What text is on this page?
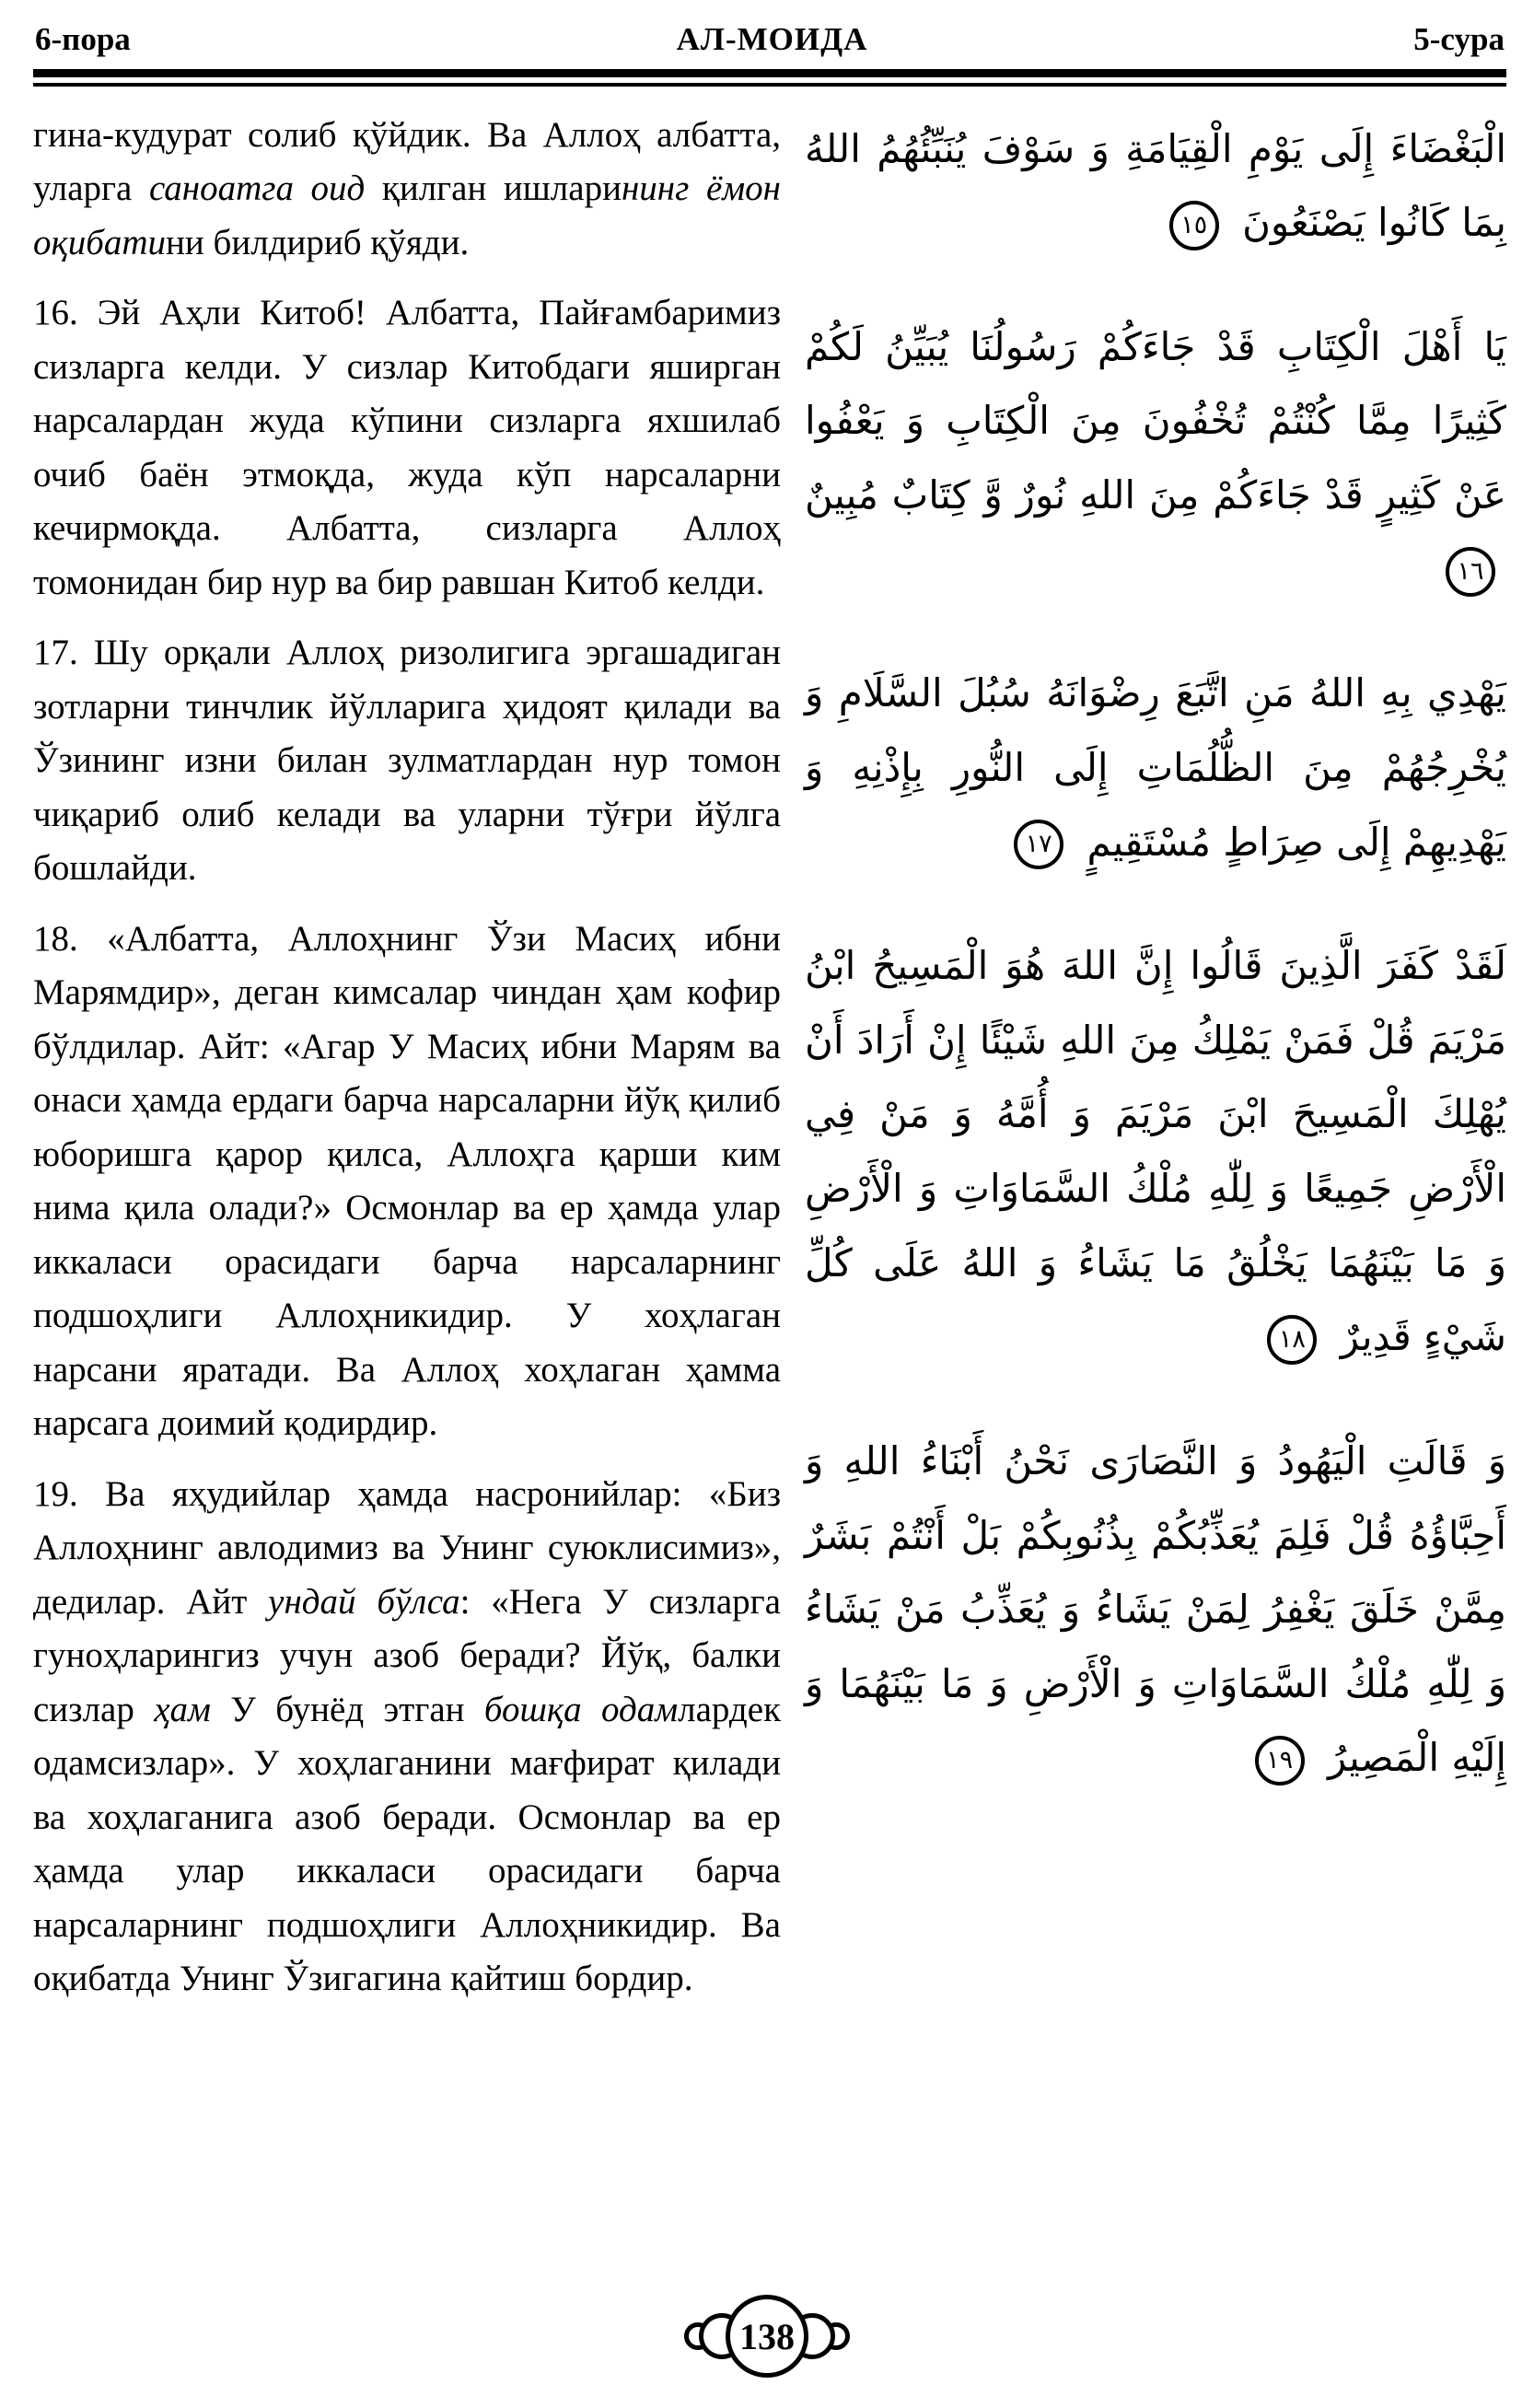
6-пора	АЛ-МОИДА	5-сура

гина-кудурат солиб қўйдик. Ва Аллоҳ албатта, уларга саноатга оид қилган ишларининг ёмон оқибатини билдириб қўяди.

16. Эй Аҳли Китоб! Албатта, Пайғамбаримиз сизларга келди. У сизлар Китобдаги яширган нарсалардан жуда кўпини сизларга яхшилаб очиб баён этмоқда, жуда кўп нарсаларни кечирмоқда. Албатта, сизларга Аллоҳ томонидан бир нур ва бир равшан Китоб келди.

17. Шу орқали Аллоҳ ризолигига эргашадиган зотларни тинчлик йўлларига ҳидоят қилади ва Ўзининг изни билан зулматлардан нур томон чиқариб олиб келади ва уларни тўғри йўлга бошлайди.

18. «Албатта, Аллоҳнинг Ўзи Масиҳ ибни Марямдир», деган кимсалар чиндан ҳам кофир бўлдилар. Айт: «Агар У Масиҳ ибни Марям ва онаси ҳамда ердаги барча нарсаларни йўқ қилиб юборишга қарор қилса, Аллоҳга қарши ким нима қила олади?» Осмонлар ва ер ҳамда улар иккаласи орасидаги барча нарсаларнинг подшоҳлиги Аллоҳникидир. У хоҳлаган нарсани яратади. Ва Аллоҳ хоҳлаган ҳамма нарсага доимий қодирдир.

19. Ва яҳудийлар ҳамда насронийлар: «Биз Аллоҳнинг авлодимиз ва Унинг суюклисимиз», дедилар. Айт ундай бўлса: «Нега У сизларга гуноҳларингиз учун азоб беради? Йўқ, балки сизлар ҳам У бунёд этган бошқа одамлардек одамсизлар». У хоҳлаганини мағфират қилади ва хоҳлаганига азоб беради. Осмонлар ва ер ҳамда улар иккаласи орасидаги барча нарсаларнинг подшоҳлиги Аллоҳникидир. Ва оқибатда Унинг Ўзигагина қайтиш бордир.

الْبَغْضَاءَ إِلَى يَوْمِ الْقِيَامَةِ وَ سَوْفَ يُنَبِّئُهُمُ اللهُ بِمَا كَانُوا يَصْنَعُونَ ١٥
يَا أَهْلَ الْكِتَابِ قَدْ جَاءَكُمْ رَسُولُنَا يُبَيِّنُ لَكُمْ كَثِيرًا مِمَّا كُنْتُمْ تُخْفُونَ مِنَ الْكِتَابِ وَ يَعْفُوا عَنْ كَثِيرٍ قَدْ جَاءَكُمْ مِنَ اللهِ نُورٌ وَّ كِتَابٌ مُبِينٌ ١٦
يَهْدِي بِهِ اللهُ مَنِ اتَّبَعَ رِضْوَانَهُ سُبُلَ السَّلَامِ وَ يُخْرِجُهُمْ مِنَ الظُّلُمَاتِ إِلَى النُّورِ بِإِذْنِهِ وَ يَهْدِيهِمْ إِلَى صِرَاطٍ مُسْتَقِيمٍ ١٧
لَقَدْ كَفَرَ الَّذِينَ قَالُوا إِنَّ اللهَ هُوَ الْمَسِيحُ ابْنُ مَرْيَمَ قُلْ فَمَنْ يَمْلِكُ مِنَ اللهِ شَيْئًا إِنْ أَرَادَ أَنْ يُهْلِكَ الْمَسِيحَ ابْنَ مَرْيَمَ وَ أُمَّهُ وَ مَنْ فِي الْأَرْضِ جَمِيعًا وَ لِلّٰهِ مُلْكُ السَّمَاوَاتِ وَ الْأَرْضِ وَ مَا بَيْنَهُمَا يَخْلُقُ مَا يَشَاءُ وَ اللهُ عَلَى كُلِّ شَيْءٍ قَدِيرٌ ١٨
وَ قَالَتِ الْيَهُودُ وَ النَّصَارَى نَحْنُ أَبْنَاءُ اللهِ وَ أَحِبَّاؤُهُ قُلْ فَلِمَ يُعَذِّبُكُمْ بِذُنُوبِكُمْ بَلْ أَنْتُمْ بَشَرٌ مِمَّنْ خَلَقَ يَغْفِرُ لِمَنْ يَشَاءُ وَ يُعَذِّبُ مَنْ يَشَاءُ وَ لِلّٰهِ مُلْكُ السَّمَاوَاتِ وَ الْأَرْضِ وَ مَا بَيْنَهُمَا وَ إِلَيْهِ الْمَصِيرُ ١٩
138
